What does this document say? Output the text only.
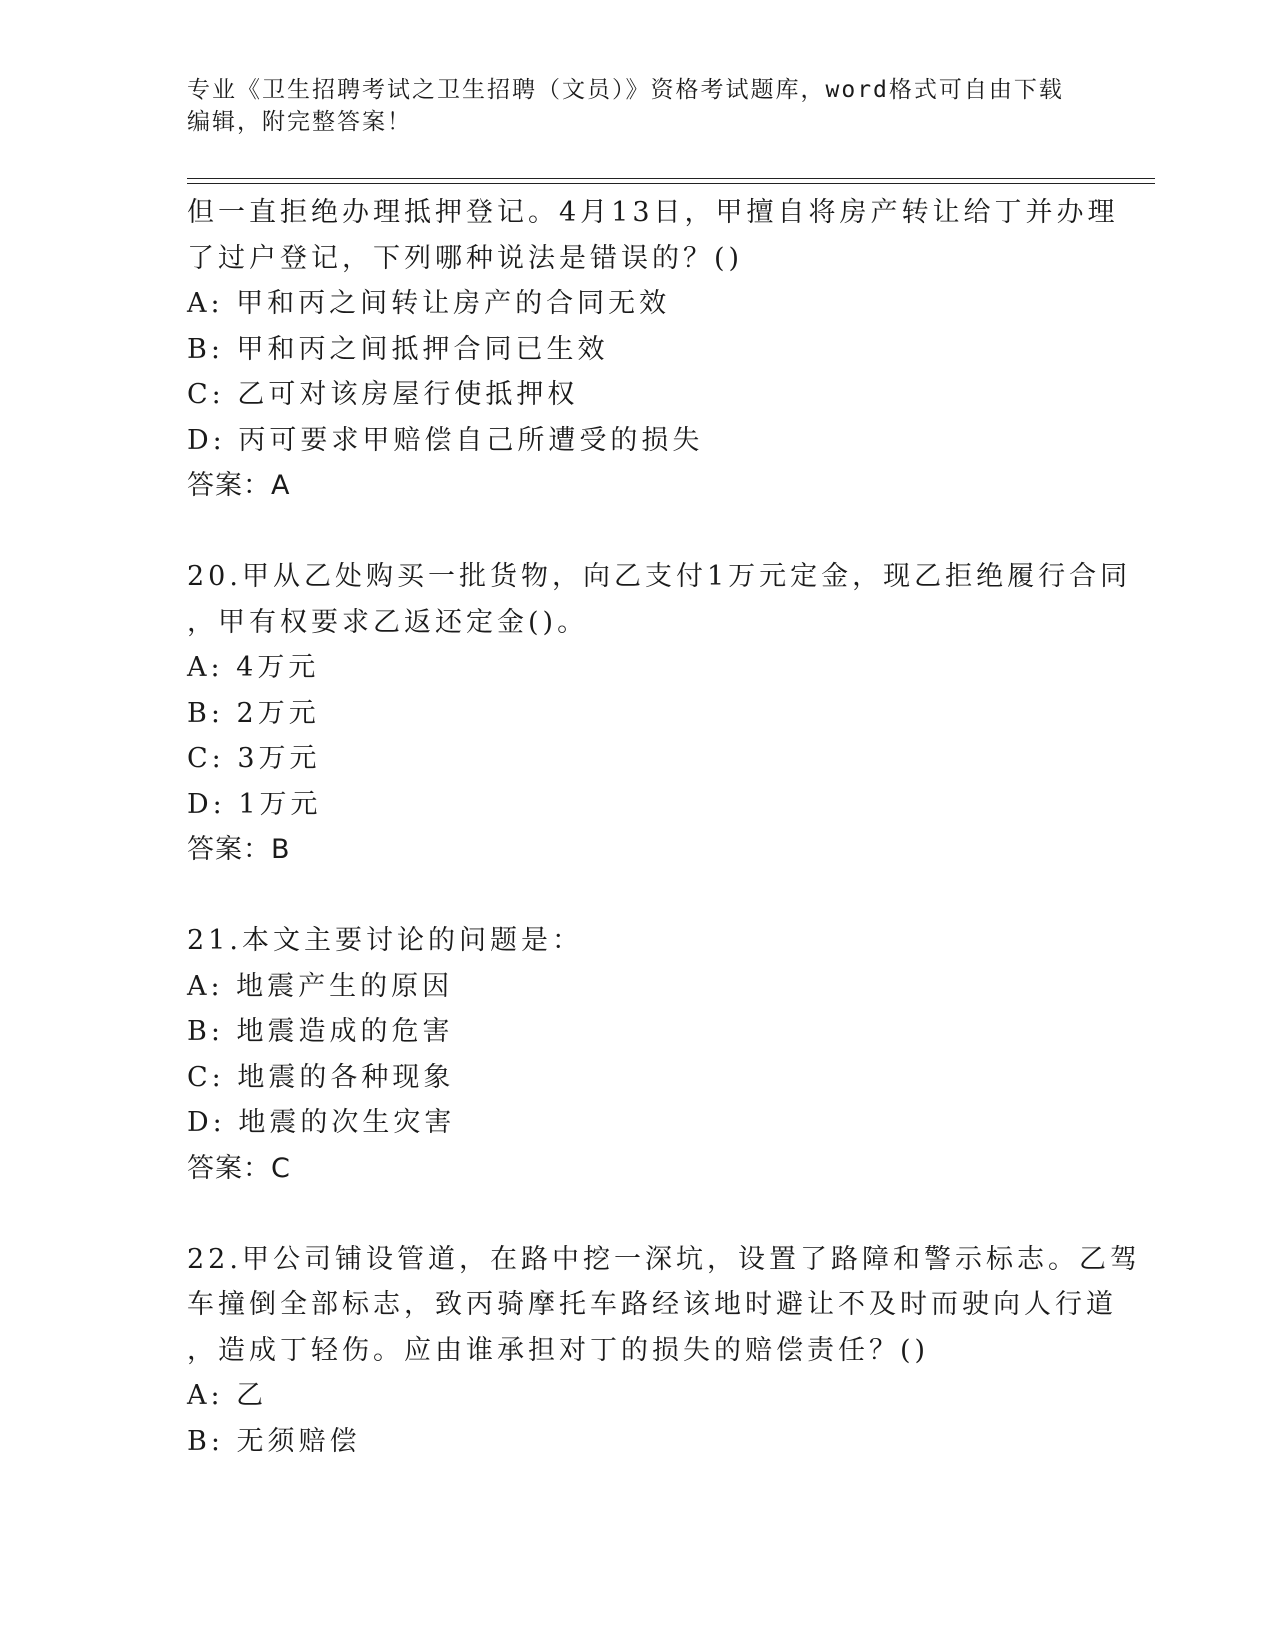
专业《卫生招聘考试之卫生招聘（文员）》资格考试题库，word格式可自由下载
编辑，附完整答案！
但一直拒绝办理抵押登记。4月13日，甲擅自将房产转让给丁并办理
了过户登记，下列哪种说法是错误的？()
A: 甲和丙之间转让房产的合同无效
B: 甲和丙之间抵押合同已生效
C: 乙可对该房屋行使抵押权
D: 丙可要求甲赔偿自己所遭受的损失
答案：A
20.甲从乙处购买一批货物，向乙支付1万元定金，现乙拒绝履行合同
，甲有权要求乙返还定金()。
A: 4万元
B: 2万元
C: 3万元
D: 1万元
答案：B
21.本文主要讨论的问题是：
A: 地震产生的原因
B: 地震造成的危害
C: 地震的各种现象
D: 地震的次生灾害
答案：C
22.甲公司铺设管道，在路中挖一深坑，设置了路障和警示标志。乙驾
车撞倒全部标志，致丙骑摩托车路经该地时避让不及时而驶向人行道
，造成丁轻伤。应由谁承担对丁的损失的赔偿责任？()
A: 乙
B: 无须赔偿
